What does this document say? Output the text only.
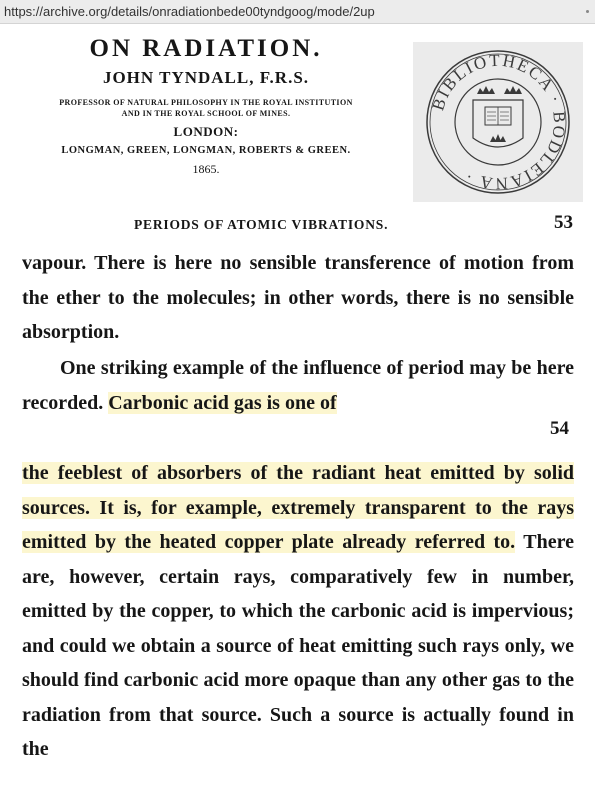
https://archive.org/details/onradiationbede00tyndgoog/mode/2up
ON RADIATION.
JOHN TYNDALL, F.R.S.
PROFESSOR OF NATURAL PHILOSOPHY IN THE ROYAL INSTITUTION
AND IN THE ROYAL SCHOOL OF MINES.
LONDON:
LONGMAN, GREEN, LONGMAN, ROBERTS & GREEN.
1865.
BIBLIOTHECA · BODLEIANA ·
PERIODS OF ATOMIC VIBRATIONS.	53

vapour. There is here no sensible transference of motion from the ether to the molecules; in other words, there is no sensible absorption.

One striking example of the influence of period may be here recorded. Carbonic acid gas is one of

54

the feeblest of absorbers of the radiant heat emitted by solid sources. It is, for example, extremely transparent to the rays emitted by the heated copper plate already referred to. There are, however, certain rays, comparatively few in number, emitted by the copper, to which the carbonic acid is impervious; and could we obtain a source of heat emitting such rays only, we should find carbonic acid more opaque than any other gas to the radiation from that source. Such a source is actually found in the
